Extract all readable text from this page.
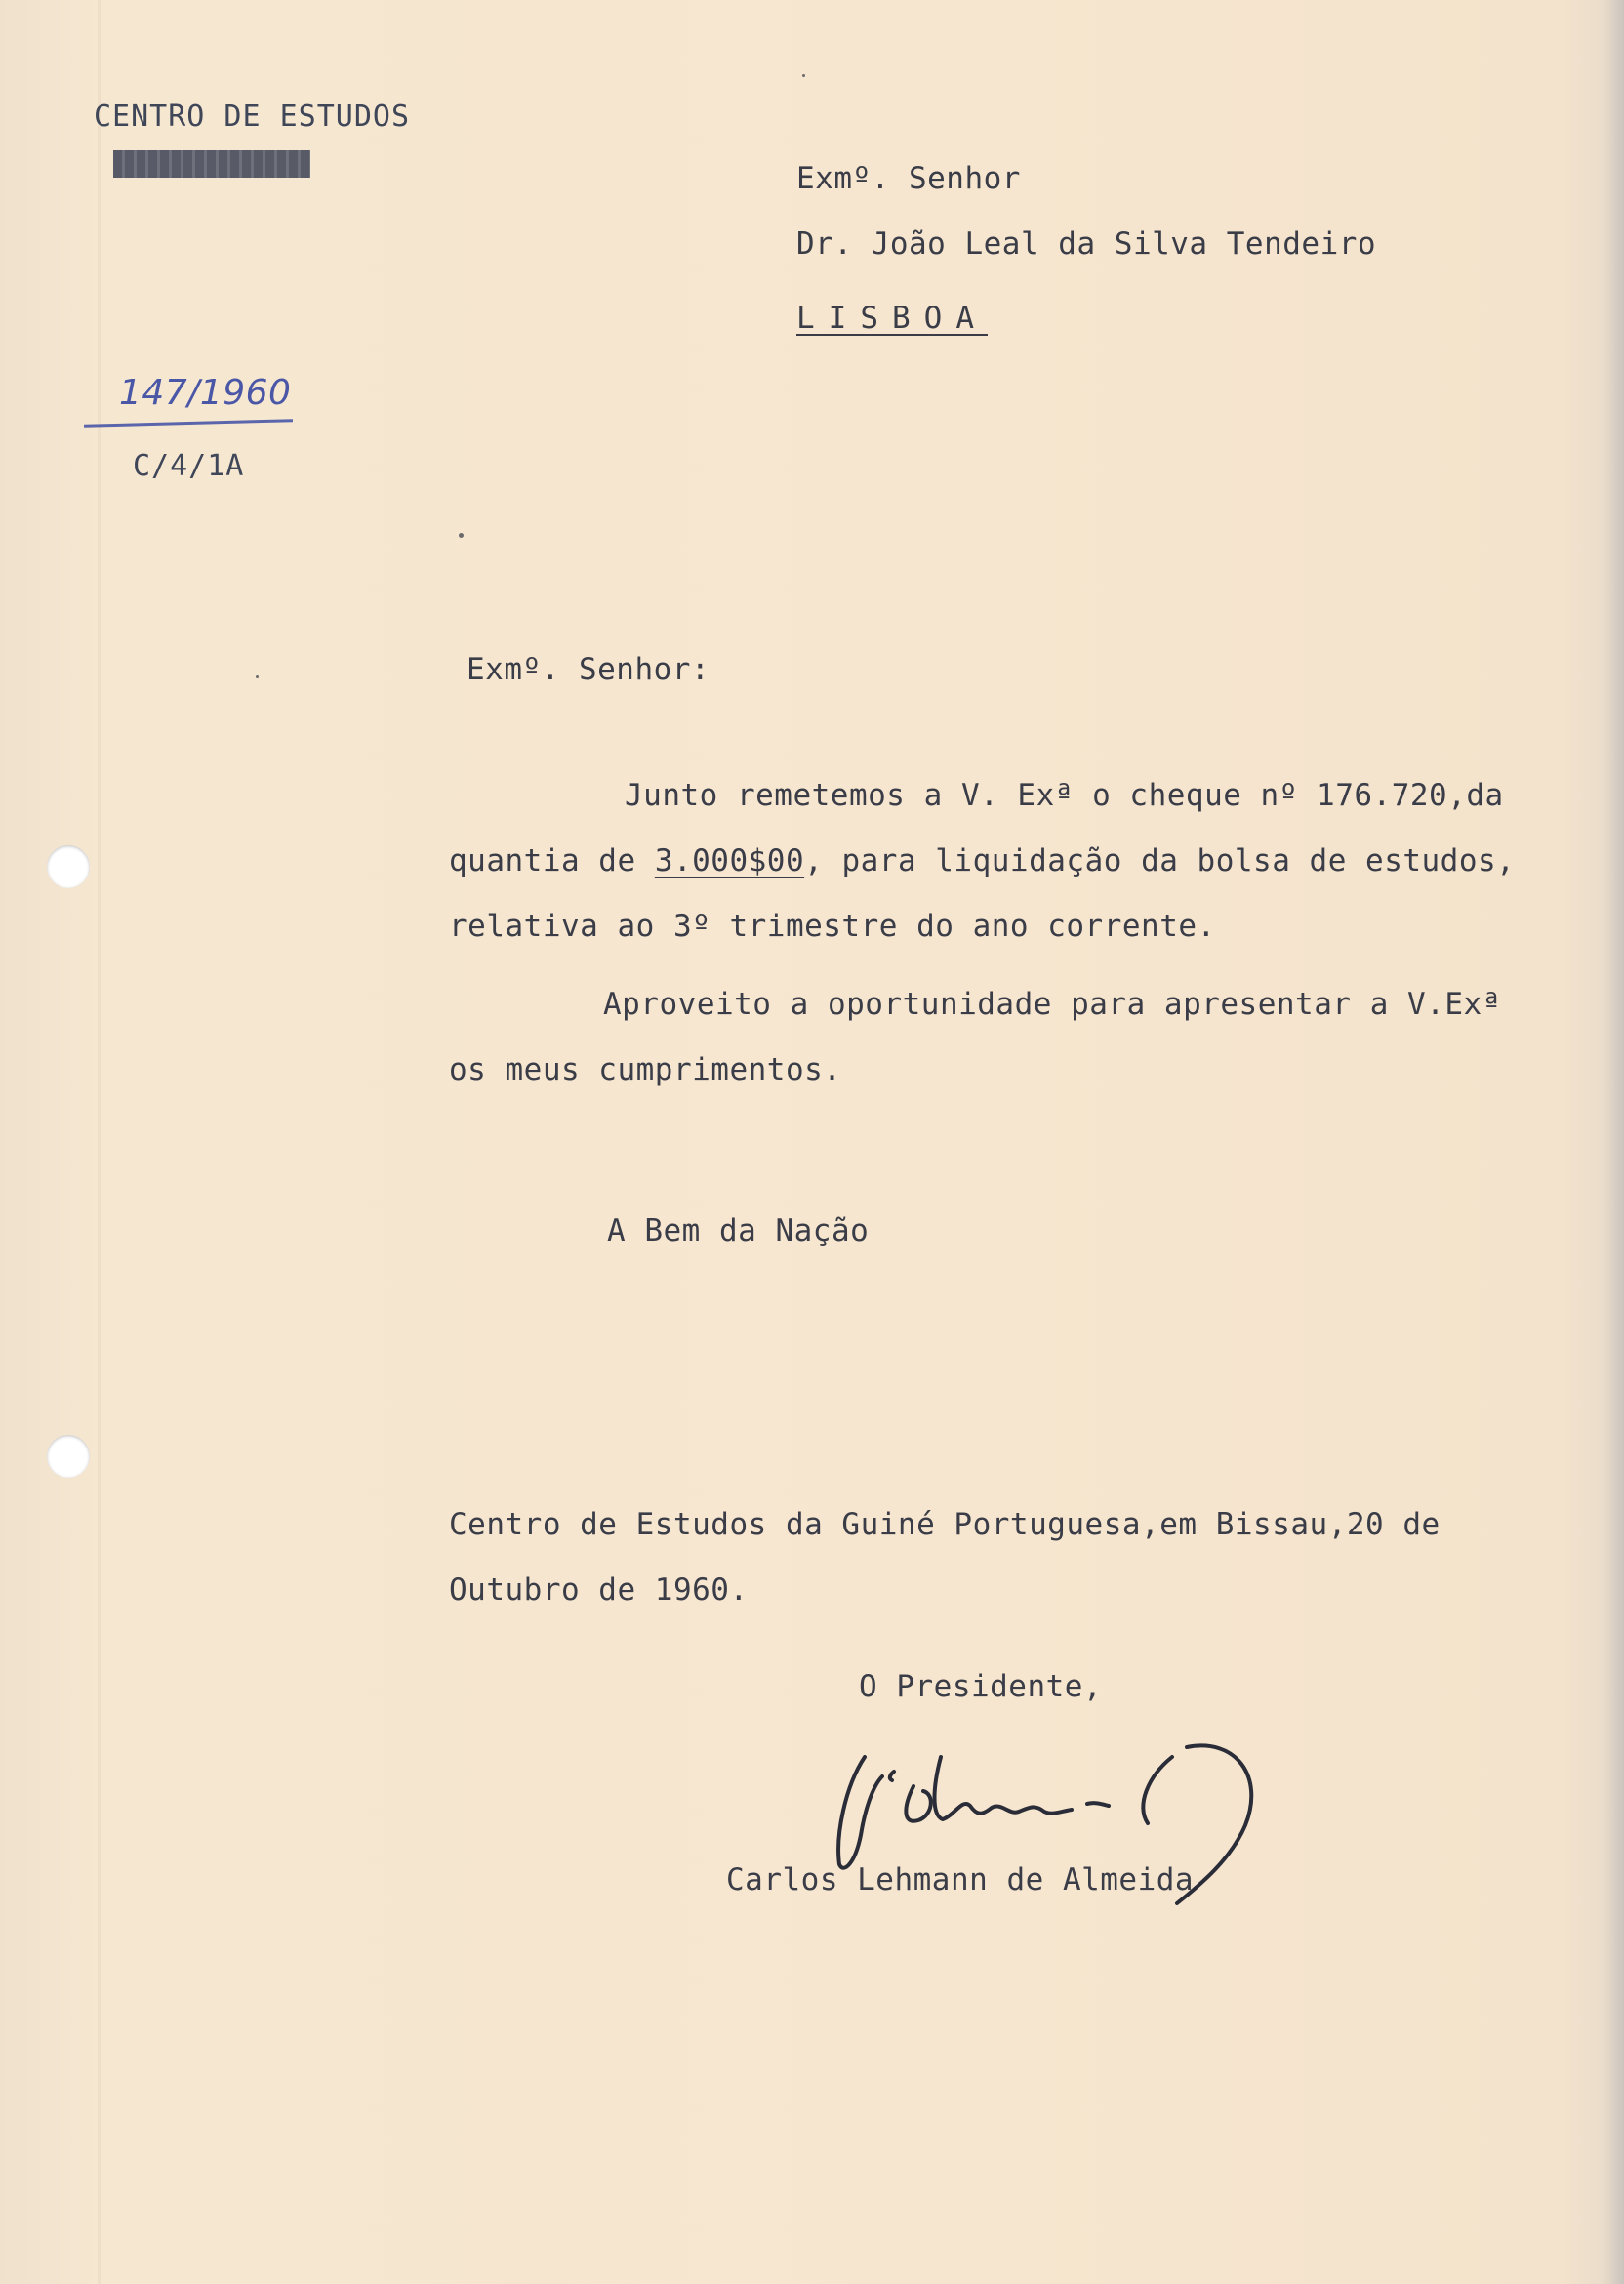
CENTRO DE ESTUDOS
Exmº. Senhor
Dr. João Leal da Silva Tendeiro
LISBOA
147/1960
C/4/1A
Exmº. Senhor:
Junto remetemos a V. Exª o cheque nº 176.720,da
quantia de 3.000$00, para liquidação da bolsa de estudos,
relativa ao 3º trimestre do ano corrente.
Aproveito a oportunidade para apresentar a V.Exª
os meus cumprimentos.
A Bem da Nação
Centro de Estudos da Guiné Portuguesa,em Bissau,20 de
Outubro de 1960.
O Presidente,
Carlos Lehmann de Almeida
